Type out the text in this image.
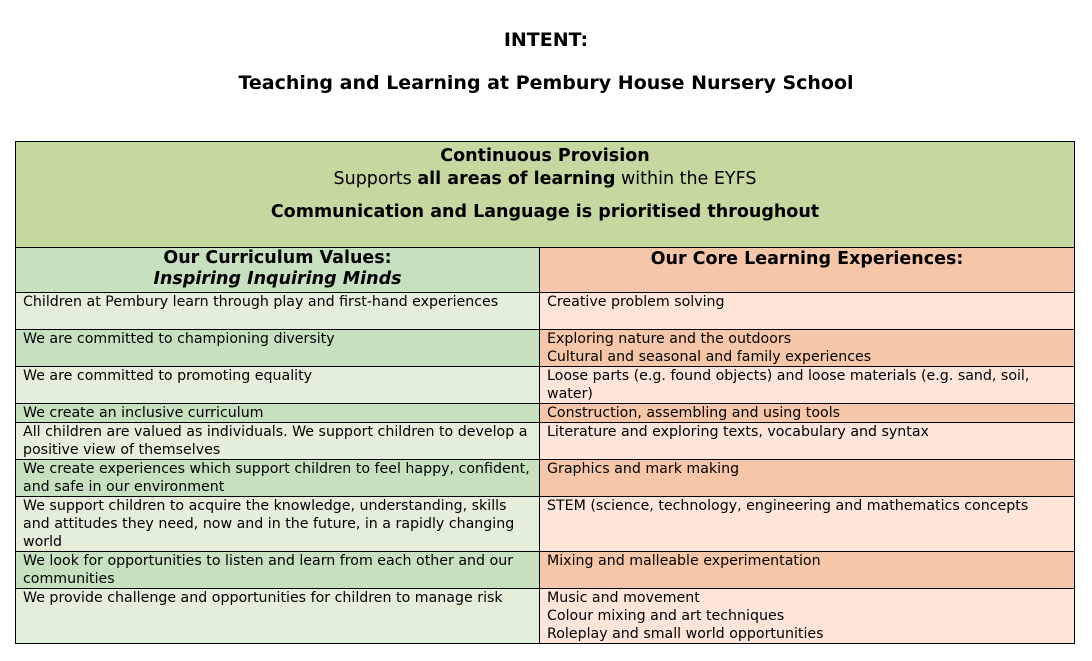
INTENT:
Teaching and Learning at Pembury House Nursery School
Continuous Provision
Supports all areas of learning within the EYFS
Communication and Language is prioritised throughout	

Our Curriculum Values:
Inspiring Inquiring Minds	Our Core Learning Experiences:
Children at Pembury learn through play and first-hand experiences	Creative problem solving

We are committed to championing diversity	Exploring nature and the outdoors
Cultural and seasonal and family experiences

We are committed to promoting equality	Loose parts (e.g. found objects) and loose materials (e.g. sand, soil, water)

We create an inclusive curriculum	Construction, assembling and using tools

All children are valued as individuals. We support children to develop a positive view of themselves	Literature and exploring texts, vocabulary and syntax

We create experiences which support children to feel happy, confident, and safe in our environment	Graphics and mark making

We support children to acquire the knowledge, understanding, skills and attitudes they need, now and in the future, in a rapidly changing world	STEM (science, technology, engineering and mathematics concepts

We look for opportunities to listen and learn from each other and our communities	Mixing and malleable experimentation

We provide challenge and opportunities for children to manage risk	Music and movement
Colour mixing and art techniques
Roleplay and small world opportunities
